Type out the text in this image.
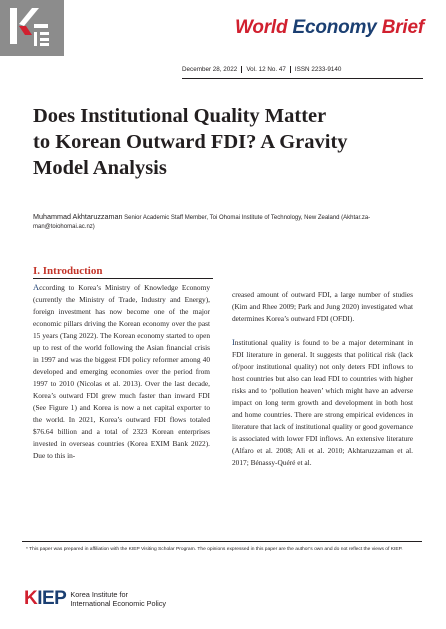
World Economy Brief
December 28, 2022 Vol. 12 No. 47 ISSN 2233-9140
Does Institutional Quality Matter
to Korean Outward FDI? A Gravity
Model Analysis
Muhammad Akhtaruzzaman Senior Academic Staff Member, Toi Ohomai Institute of Technology, New Zealand (Akhtar.za-
man@toiohomai.ac.nz)
I. Introduction

According to Korea’s Ministry of Knowledge Economy (currently the Ministry of Trade, Industry and Energy), foreign investment has now become one of the major economic pillars driving the Korean economy over the past 15 years (Tang 2022). The Korean economy started to open up to rest of the world following the Asian financial crisis in 1997 and was the biggest FDI policy reformer among 40 developed and emerging economies over the period from 1997 to 2010 (Nicolas et al. 2013). Over the last decade, Korea’s outward FDI grew much faster than inward FDI (See Figure 1) and Korea is now a net capital exporter to the world. In 2021, Korea’s outward FDI flows totaled $76.64 billion and a total of 2323 Korean enterprises invested in overseas countries (Korea EXIM Bank 2022). Due to this in-

creased amount of outward FDI, a large number of studies (Kim and Rhee 2009; Park and Jung 2020) investigated what determines Korea’s outward FDI (OFDI).

Institutional quality is found to be a major determinant in FDI literature in general. It suggests that political risk (lack of/poor institutional quality) not only deters FDI inflows to host countries but also can lead FDI to countries with higher risks and to ‘pollution heaven’ which might have an adverse impact on long term growth and development in both host and home countries. There are strong empirical evidences in literature that lack of institutional quality or good governance is associated with lower FDI inflows. An extensive literature (Alfaro et al. 2008; Ali et al. 2010; Akhtaruzzaman et al. 2017; Bénassy-Quéré et al.

* This paper was prepared in affiliation with the KIEP Visiting Scholar Program. The opinions expressed in this paper are the author’s own and do not reflect the views of KIEP.
KIEP Korea Institute for
International Economic Policy
